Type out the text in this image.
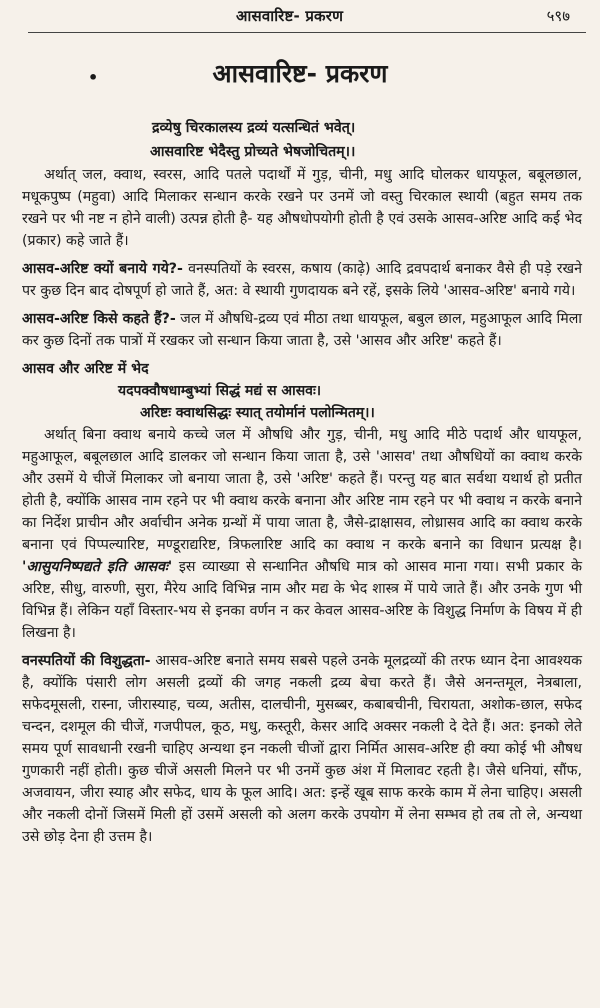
आसवारिष्ट- प्रकरण	५९७
•	आसवारिष्ट- प्रकरण
द्रव्येषु चिरकालस्य द्रव्यं यत्सन्धितं भवेत्।
आसवारिष्ट भेदैस्तु प्रोच्यते भेषजोचितम्।।

अर्थात् जल, क्वाथ, स्वरस, आदि पतले पदार्थों में गुड़, चीनी, मधु आदि घोलकर धायफूल, बबूलछाल, मधूकपुष्प (महुवा) आदि मिलाकर सन्धान करके रखने पर उनमें जो वस्तु चिरकाल स्थायी (बहुत समय तक रखने पर भी नष्ट न होने वाली) उत्पन्न होती है- यह औषधोपयोगी होती है एवं उसके आसव-अरिष्ट आदि कई भेद (प्रकार) कहे जाते हैं।

आसव-अरिष्ट क्यों बनाये गये?- वनस्पतियों के स्वरस, कषाय (काढ़े) आदि द्रवपदार्थ बनाकर वैसे ही पड़े रखने पर कुछ दिन बाद दोषपूर्ण हो जाते हैं, अत: वे स्थायी गुणदायक बने रहें, इसके लिये 'आसव-अरिष्ट' बनाये गये।

आसव-अरिष्ट किसे कहते हैं?- जल में औषधि-द्रव्य एवं मीठा तथा धायफूल, बबुल छाल, महुआफूल आदि मिला कर कुछ दिनों तक पात्रों में रखकर जो सन्धान किया जाता है, उसे 'आसव और अरिष्ट' कहते हैं।

आसव और अरिष्ट में भेद
यदपक्वौषधाम्बुभ्यां सिद्धं मद्यं स आसवः।
अरिष्टः क्वाथसिद्धः स्यात् तयोर्मानं पलोन्मितम्।।

अर्थात् बिना क्वाथ बनाये कच्चे जल में औषधि और गुड़, चीनी, मधु आदि मीठे पदार्थ और धायफूल, महुआफूल, बबूलछाल आदि डालकर जो सन्धान किया जाता है, उसे 'आसव' तथा औषधियों का क्वाथ करके और उसमें ये चीजें मिलाकर जो बनाया जाता है, उसे 'अरिष्ट' कहते हैं। परन्तु यह बात सर्वथा यथार्थ हो प्रतीत होती है, क्योंकि आसव नाम रहने पर भी क्वाथ करके बनाना और अरिष्ट नाम रहने पर भी क्वाथ न करके बनाने का निर्देश प्राचीन और अर्वाचीन अनेक ग्रन्थों में पाया जाता है, जैसे-द्राक्षासव, लोध्रासव आदि का क्वाथ करके बनाना एवं पिप्पल्यारिष्ट, मण्डूराद्यरिष्ट, त्रिफलारिष्ट आदि का क्वाथ न करके बनाने का विधान प्रत्यक्ष है। 'आसुयनिष्पद्यते इति आसवः' इस व्याख्या से सन्धानित औषधि मात्र को आसव माना गया। सभी प्रकार के अरिष्ट, सीधु, वारुणी, सुरा, मैरेय आदि विभिन्न नाम और मद्य के भेद शास्त्र में पाये जाते हैं। और उनके गुण भी विभिन्न हैं। लेकिन यहाँ विस्तार-भय से इनका वर्णन न कर केवल आसव-अरिष्ट के विशुद्ध निर्माण के विषय में ही लिखना है।

वनस्पतियों की विशुद्धता- आसव-अरिष्ट बनाते समय सबसे पहले उनके मूलद्रव्यों की तरफ ध्यान देना आवश्यक है, क्योंकि पंसारी लोग असली द्रव्यों की जगह नकली द्रव्य बेचा करते हैं। जैसे अनन्तमूल, नेत्रबाला, सफेदमूसली, रास्ना, जीरास्याह, चव्य, अतीस, दालचीनी, मुसब्बर, कबाबचीनी, चिरायता, अशोक-छाल, सफेद चन्दन, दशमूल की चीजें, गजपीपल, कूठ, मधु, कस्तूरी, केसर आदि अक्सर नकली दे देते हैं। अत: इनको लेते समय पूर्ण सावधानी रखनी चाहिए अन्यथा इन नकली चीजों द्वारा निर्मित आसव-अरिष्ट ही क्या कोई भी औषध गुणकारी नहीं होती। कुछ चीजें असली मिलने पर भी उनमें कुछ अंश में मिलावट रहती है। जैसे धनियां, सौंफ, अजवायन, जीरा स्याह और सफेद, धाय के फूल आदि। अत: इन्हें खूब साफ करके काम में लेना चाहिए। असली और नकली दोनों जिसमें मिली हों उसमें असली को अलग करके उपयोग में लेना सम्भव हो तब तो ले, अन्यथा उसे छोड़ देना ही उत्तम है।
